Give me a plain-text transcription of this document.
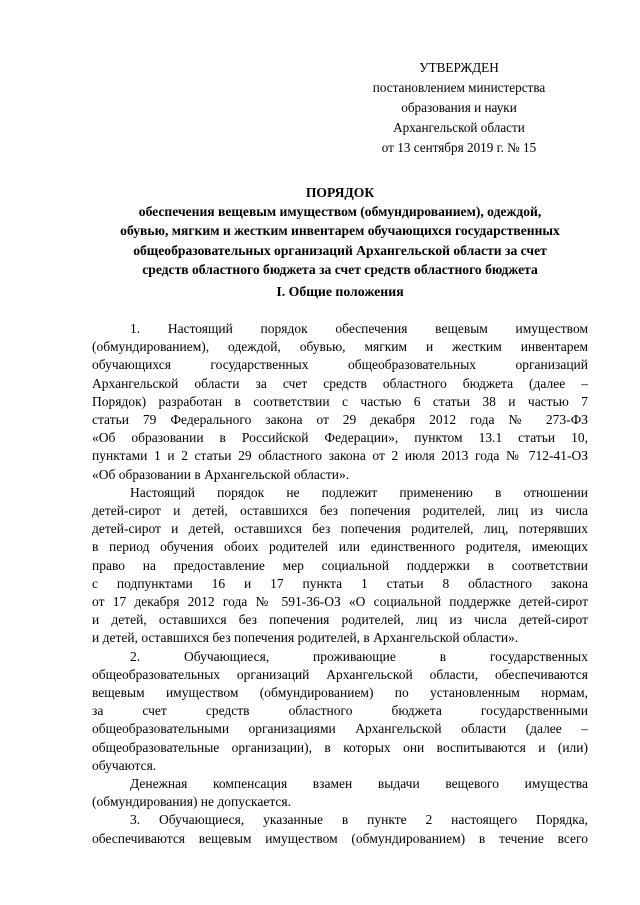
УТВЕРЖДЕН
постановлением министерства
образования и науки
Архангельской области
от 13 сентября 2019 г. № 15
ПОРЯДОК
обеспечения вещевым имуществом (обмундированием), одеждой,
обувью, мягким и жестким инвентарем обучающихся государственных
общеобразовательных организаций Архангельской области за счет
средств областного бюджета за счет средств областного бюджета
I. Общие положения
1. Настоящий порядок обеспечения вещевым имуществом
(обмундированием), одеждой, обувью, мягким и жестким инвентарем
обучающихся государственных общеобразовательных организаций
Архангельской области за счет средств областного бюджета (далее –
Порядок) разработан в соответствии с частью 6 статьи 38 и частью 7
статьи 79 Федерального закона от 29 декабря 2012 года № 273-ФЗ
«Об образовании в Российской Федерации», пунктом 13.1 статьи 10,
пунктами 1 и 2 статьи 29 областного закона от 2 июля 2013 года № 712-41-ОЗ
«Об образовании в Архангельской области».
Настоящий порядок не подлежит применению в отношении
детей-сирот и детей, оставшихся без попечения родителей, лиц из числа
детей-сирот и детей, оставшихся без попечения родителей, лиц, потерявших
в период обучения обоих родителей или единственного родителя, имеющих
право на предоставление мер социальной поддержки в соответствии
с подпунктами 16 и 17 пункта 1 статьи 8 областного закона
от 17 декабря 2012 года № 591-36-ОЗ «О социальной поддержке детей-сирот
и детей, оставшихся без попечения родителей, лиц из числа детей-сирот
и детей, оставшихся без попечения родителей, в Архангельской области».
2. Обучающиеся, проживающие в государственных
общеобразовательных организаций Архангельской области, обеспечиваются
вещевым имуществом (обмундированием) по установленным нормам,
за счет средств областного бюджета государственными
общеобразовательными организациями Архангельской области (далее –
общеобразовательные организации), в которых они воспитываются и (или)
обучаются.
Денежная компенсация взамен выдачи вещевого имущества
(обмундирования) не допускается.
3. Обучающиеся, указанные в пункте 2 настоящего Порядка,
обеспечиваются вещевым имуществом (обмундированием) в течение всего
